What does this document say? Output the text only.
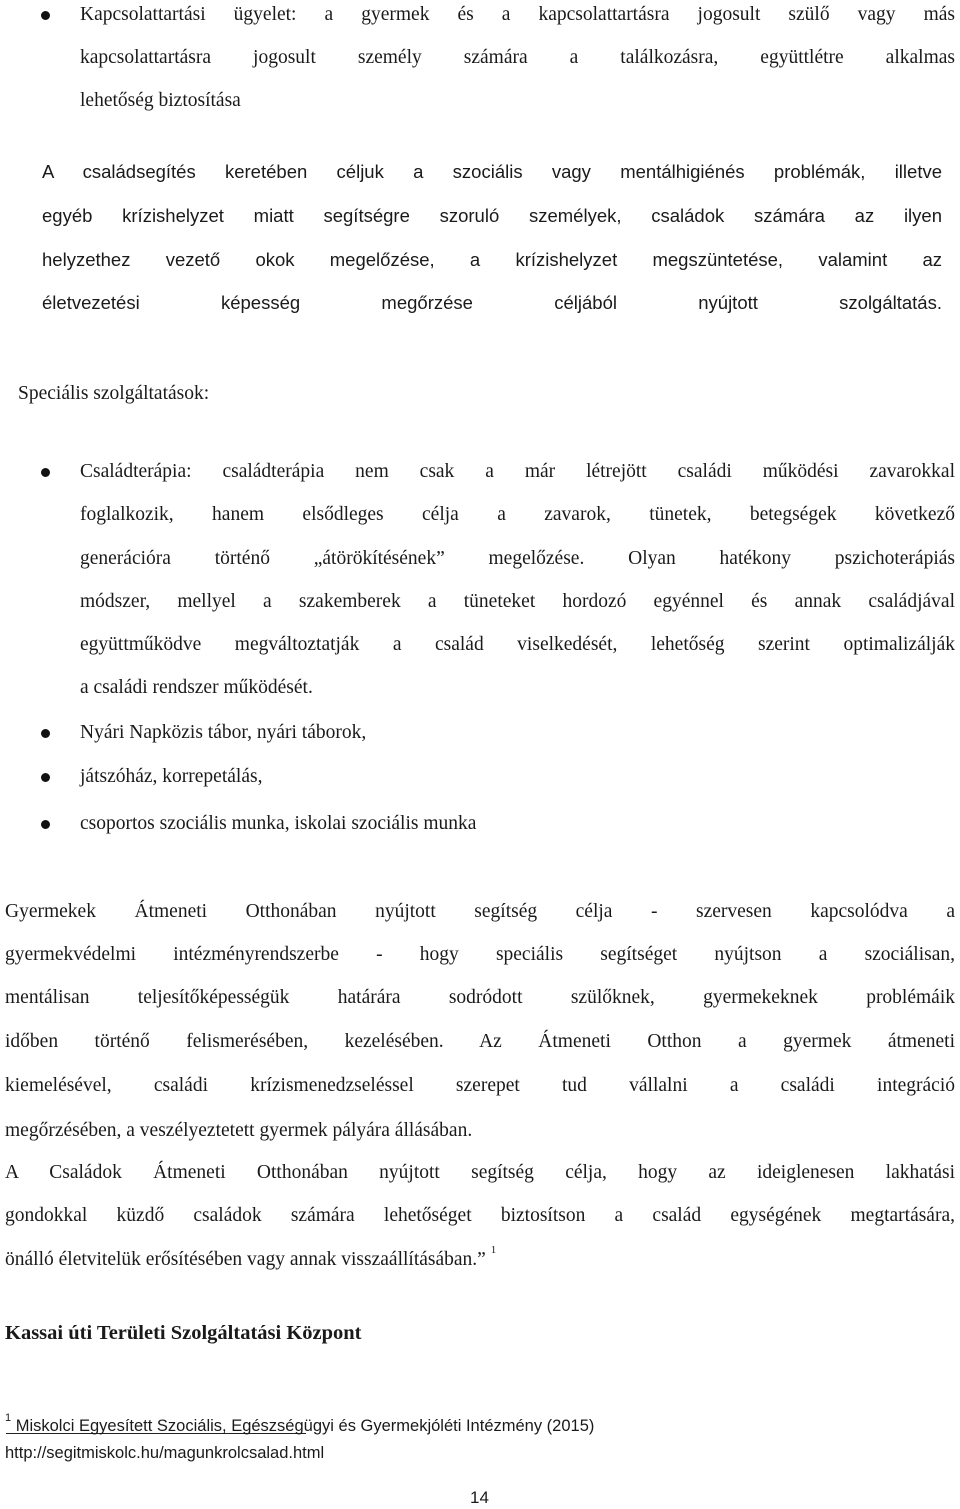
Kapcsolattartási ügyelet: a gyermek és a kapcsolattartásra jogosult szülő vagy más
kapcsolattartásra jogosult személy számára a találkozásra, együttlétre alkalmas
lehetőség biztosítása
A családsegítés keretében céljuk a szociális vagy mentálhigiénés problémák, illetve
egyéb krízishelyzet miatt segítségre szoruló személyek, családok számára az ilyen
helyzethez vezető okok megelőzése, a krízishelyzet megszüntetése, valamint az
életvezetési képesség megőrzése céljából nyújtott szolgáltatás.
Speciális szolgáltatások:
Családterápia: családterápia nem csak a már létrejött családi működési zavarokkal
foglalkozik, hanem elsődleges célja a zavarok, tünetek, betegségek következő
generációra történő „átörökítésének” megelőzése. Olyan hatékony pszichoterápiás
módszer, mellyel a szakemberek a tüneteket hordozó egyénnel és annak családjával
együttműködve megváltoztatják a család viselkedését, lehetőség szerint optimalizálják
a családi rendszer működését.
Nyári Napközis tábor, nyári táborok,
játszóház, korrepetálás,
csoportos szociális munka, iskolai szociális munka
Gyermekek Átmeneti Otthonában nyújtott segítség célja - szervesen kapcsolódva a
gyermekvédelmi intézményrendszerbe - hogy speciális segítséget nyújtson a szociálisan,
mentálisan teljesítőképességük határára sodródott szülőknek, gyermekeknek problémáik
időben történő felismerésében, kezelésében. Az Átmeneti Otthon a gyermek átmeneti
kiemelésével, családi krízismenedzseléssel szerepet tud vállalni a családi integráció
megőrzésében, a veszélyeztetett gyermek pályára állásában.
A Családok Átmeneti Otthonában nyújtott segítség célja, hogy az ideiglenesen lakhatási
gondokkal küzdő családok számára lehetőséget biztosítson a család egységének megtartására,
önálló életvitelük erősítésében vagy annak visszaállításában.” $^1$
Kassai úti Területi Szolgáltatási Központ
$^1$ Miskolci Egyesített Szociális, Egészségügyi és Gyermekjóléti Intézmény (2015)
http://segitmiskolc.hu/magunkrolcsalad.html
14
